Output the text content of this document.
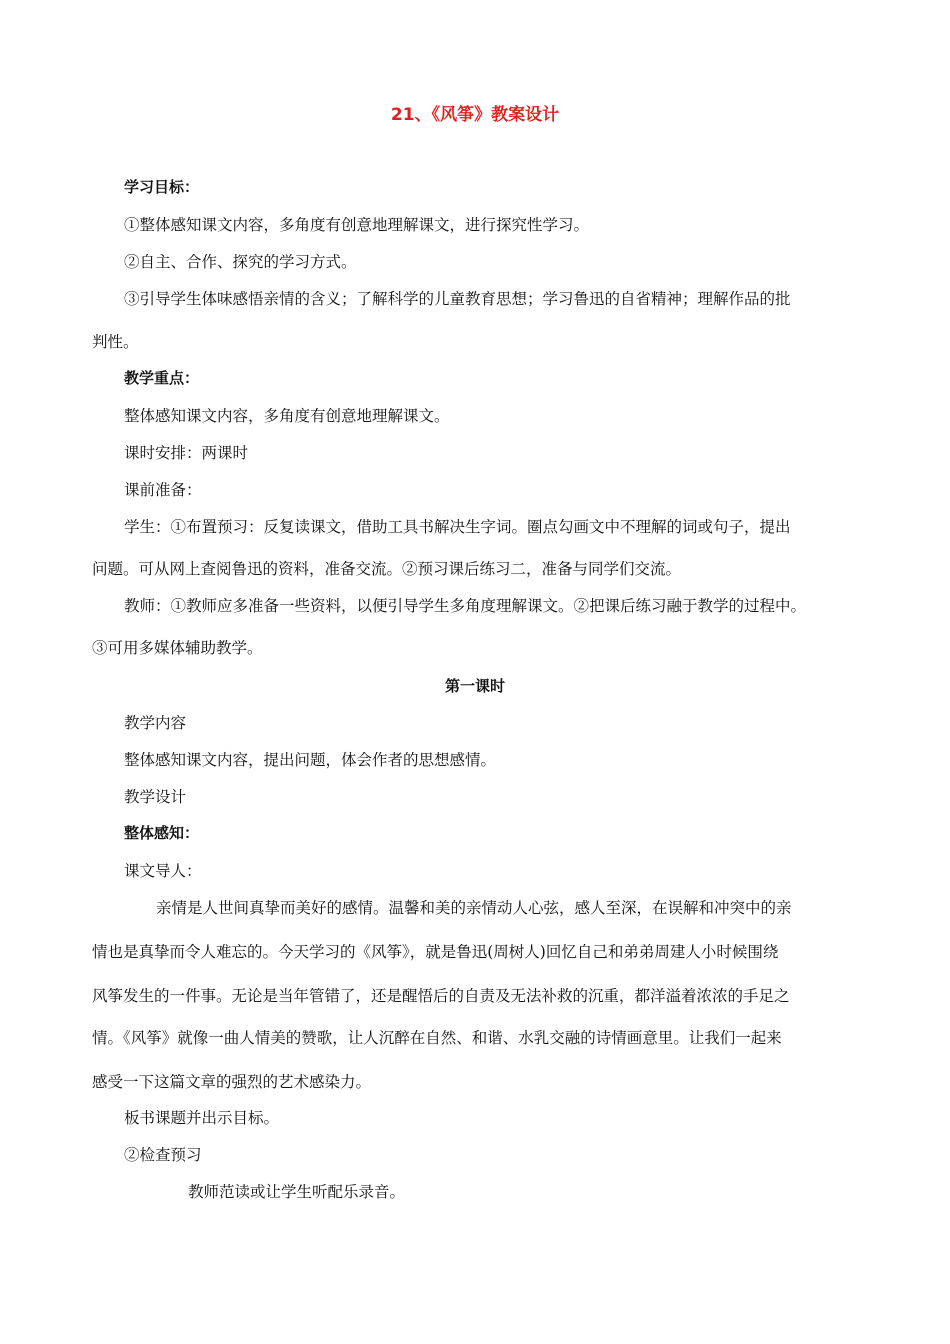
21、《风筝》教案设计
学习目标：
①整体感知课文内容，多角度有创意地理解课文，进行探究性学习。
②自主、合作、探究的学习方式。
③引导学生体味感悟亲情的含义；了解科学的儿童教育思想；学习鲁迅的自省精神；理解作品的批
判性。
教学重点：
整体感知课文内容，多角度有创意地理解课文。
课时安排：两课时
课前准备：
学生：①布置预习：反复读课文，借助工具书解决生字词。圈点勾画文中不理解的词或句子，提出
问题。可从网上查阅鲁迅的资料，准备交流。②预习课后练习二，准备与同学们交流。
教师：①教师应多准备一些资料，以便引导学生多角度理解课文。②把课后练习融于教学的过程中。
③可用多媒体辅助教学。
第一课时
教学内容
整体感知课文内容，提出问题，体会作者的思想感情。
教学设计
整体感知：
课文导人：
亲情是人世间真挚而美好的感情。温馨和美的亲情动人心弦，感人至深，在误解和冲突中的亲
情也是真挚而令人难忘的。今天学习的《风筝》，就是鲁迅(周树人)回忆自己和弟弟周建人小时候围绕
风筝发生的一件事。无论是当年管错了，还是醒悟后的自责及无法补救的沉重，都洋溢着浓浓的手足之
情。《风筝》就像一曲人情美的赞歌，让人沉醉在自然、和谐、水乳交融的诗情画意里。让我们一起来
感受一下这篇文章的强烈的艺术感染力。
板书课题并出示目标。
②检查预习
教师范读或让学生听配乐录音。
